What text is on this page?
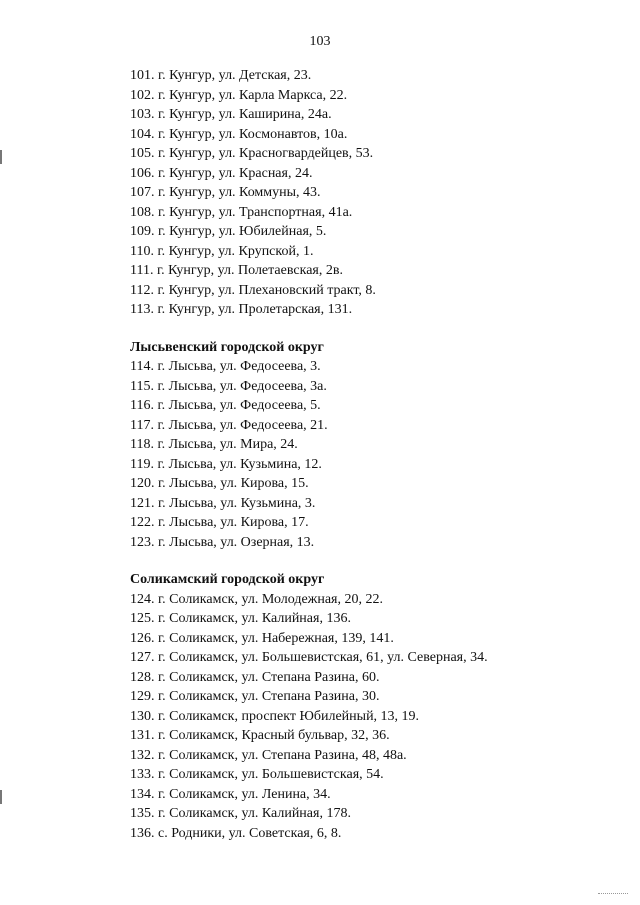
103
101. г. Кунгур, ул. Детская, 23.
102. г. Кунгур, ул. Карла Маркса, 22.
103. г. Кунгур, ул. Каширина, 24а.
104. г. Кунгур, ул. Космонавтов, 10а.
105. г. Кунгур, ул. Красногвардейцев, 53.
106. г. Кунгур, ул. Красная, 24.
107. г. Кунгур, ул. Коммуны, 43.
108. г. Кунгур, ул. Транспортная, 41а.
109. г. Кунгур, ул. Юбилейная, 5.
110. г. Кунгур, ул. Крупской, 1.
111. г. Кунгур, ул. Полетаевская, 2в.
112. г. Кунгур, ул. Плехановский тракт, 8.
113. г. Кунгур, ул. Пролетарская, 131.
Лысьвенский городской округ
114. г. Лысьва, ул. Федосеева, 3.
115. г. Лысьва, ул. Федосеева, 3а.
116. г. Лысьва, ул. Федосеева, 5.
117. г. Лысьва, ул. Федосеева, 21.
118. г. Лысьва, ул. Мира, 24.
119. г. Лысьва, ул. Кузьмина, 12.
120. г. Лысьва, ул. Кирова, 15.
121. г. Лысьва, ул. Кузьмина, 3.
122. г. Лысьва, ул. Кирова, 17.
123. г. Лысьва, ул. Озерная, 13.
Соликамский городской округ
124. г. Соликамск, ул. Молодежная, 20, 22.
125. г. Соликамск, ул. Калийная, 136.
126. г. Соликамск, ул. Набережная, 139, 141.
127. г. Соликамск, ул. Большевистская, 61, ул. Северная, 34.
128. г. Соликамск, ул. Степана Разина, 60.
129. г. Соликамск, ул. Степана Разина, 30.
130. г. Соликамск, проспект Юбилейный, 13, 19.
131. г. Соликамск, Красный бульвар, 32, 36.
132. г. Соликамск, ул. Степана Разина, 48, 48а.
133. г. Соликамск, ул. Большевистская, 54.
134. г. Соликамск, ул. Ленина, 34.
135. г. Соликамск, ул. Калийная, 178.
136. с. Родники, ул. Советская, 6, 8.
